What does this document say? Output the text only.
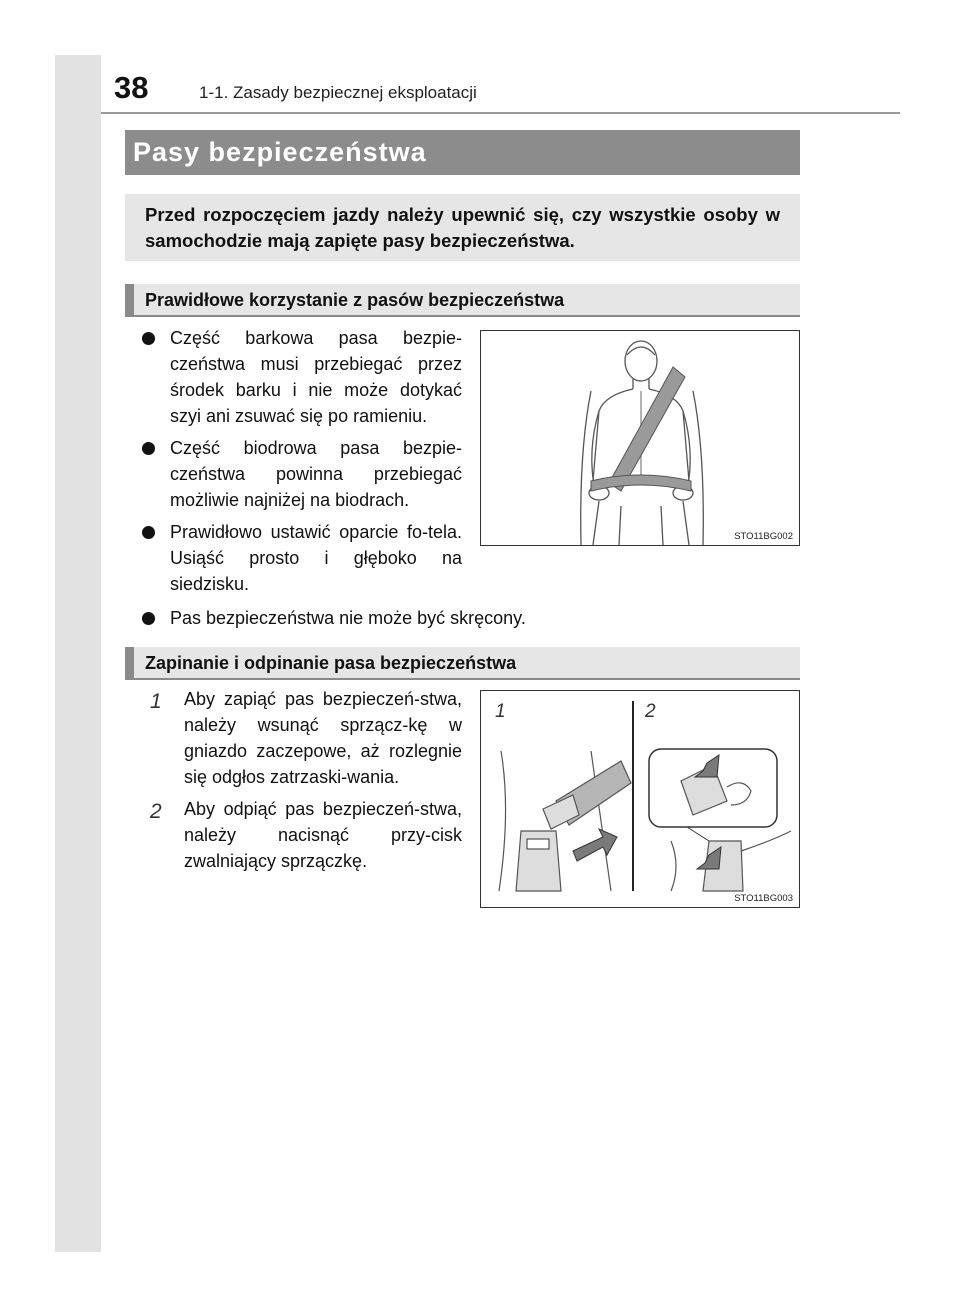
38	1-1. Zasady bezpiecznej eksploatacji
Pasy bezpieczeństwa

Przed rozpoczęciem jazdy należy upewnić się, czy wszystkie osoby w samochodzie mają zapięte pasy bezpieczeństwa.

Prawidłowe korzystanie z pasów bezpieczeństwa
Część barkowa pasa bezpie-czeństwa musi przebiegać przez środek barku i nie może dotykać szyi ani zsuwać się po ramieniu.
Część biodrowa pasa bezpie-czeństwa powinna przebiegać możliwie najniżej na biodrach.
Prawidłowo ustawić oparcie fo-tela. Usiąść prosto i głęboko na siedzisku.
Pas bezpieczeństwa nie może być skręcony.
STO11BG002
Zapinanie i odpinanie pasa bezpieczeństwa
1 Aby zapiąć pas bezpieczeń-stwa, należy wsunąć sprzącz-kę w gniazdo zaczepowe, aż rozlegnie się odgłos zatrzaski-wania.
2 Aby odpiąć pas bezpieczeń-stwa, należy nacisnąć przy-cisk zwalniający sprzączkę.
1	2
STO11BG003
